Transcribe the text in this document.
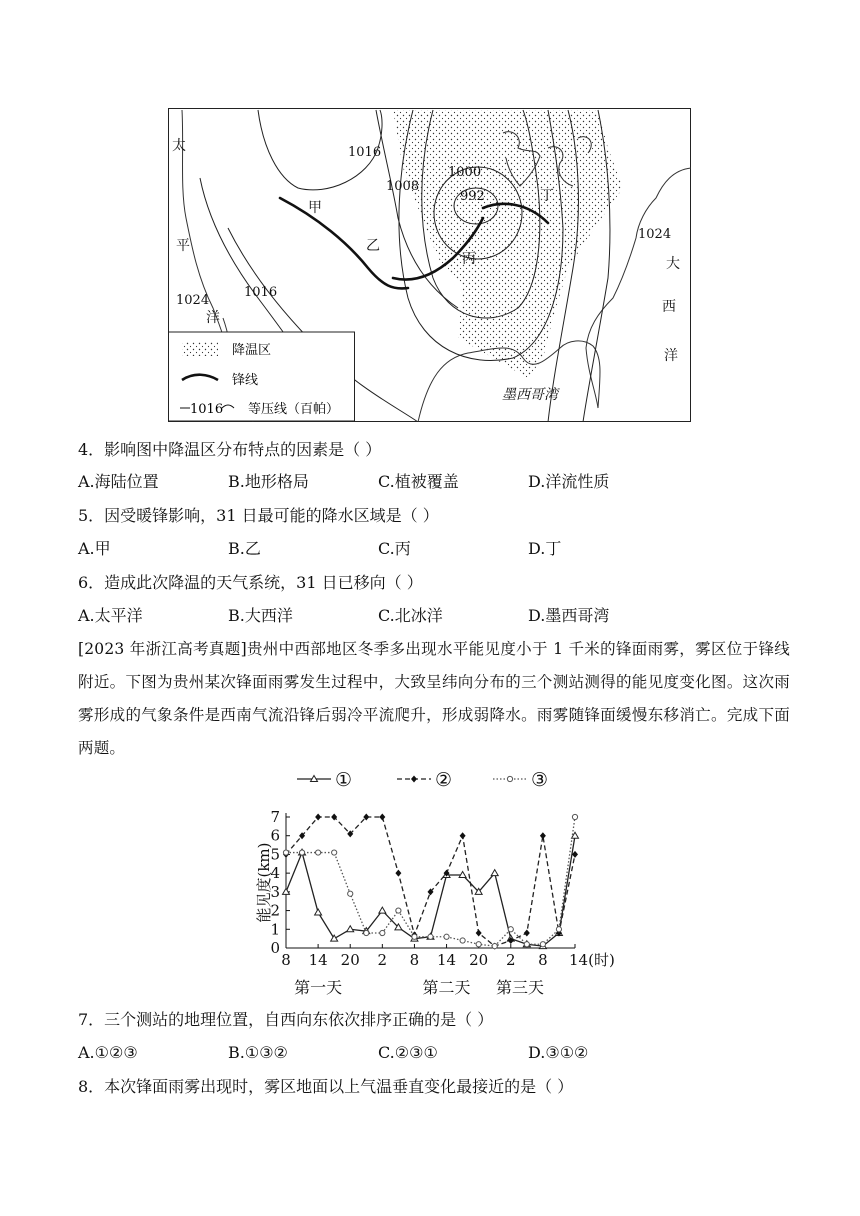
1016
1008
1000
992
1016
1024
1024
甲
乙
丙
丁
太
平
洋
大
西
洋
墨西哥湾
降温区
锋线
1016 等压线（百帕）
4．影响图中降温区分布特点的因素是（ ）
A.海陆位置	B.地形格局	C.植被覆盖	D.洋流性质
5．因受暖锋影响，31 日最可能的降水区域是（ ）
A.甲	B.乙	C.丙	D.丁
6．造成此次降温的天气系统，31 日已移向（ ）
A.太平洋	B.大西洋	C.北冰洋	D.墨西哥湾
[2023 年浙江高考真题]贵州中西部地区冬季多出现水平能见度小于 1 千米的锋面雨雾，雾区位于锋线附近。下图为贵州某次锋面雨雾发生过程中，大致呈纬向分布的三个测站测得的能见度变化图。这次雨雾形成的气象条件是西南气流沿锋后弱冷平流爬升，形成弱降水。雨雾随锋面缓慢东移消亡。完成下面两题。
0
1
2
3
4
5
6
7
能见度(km)
8 14 20 2 8 14 20 2 8 14(时)
第一天	第二天 第三天
①	②	③
7．三个测站的地理位置，自西向东依次排序正确的是（ ）
A.①②③	B.①③②	C.②③①	D.③①②
8．本次锋面雨雾出现时，雾区地面以上气温垂直变化最接近的是（ ）
